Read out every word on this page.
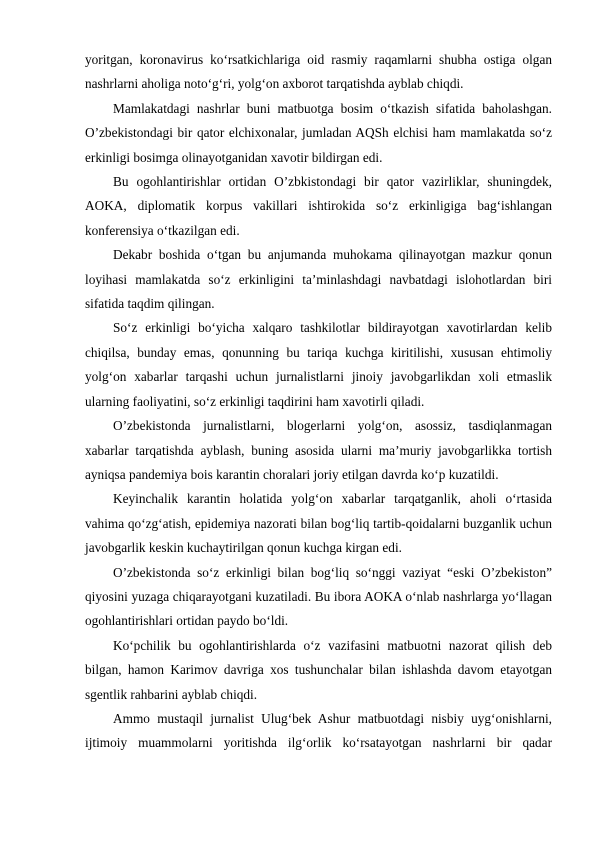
yoritgan, koronavirus ko‘rsatkichlariga oid rasmiy raqamlarni shubha ostiga olgan nashrlarni aholiga noto‘g‘ri, yolg‘on axborot tarqatishda ayblab chiqdi.

Mamlakatdagi nashrlar buni matbuotga bosim o‘tkazish sifatida baholashgan. O’zbekistondagi bir qator elchixonalar, jumladan AQSh elchisi ham mamlakatda so‘z erkinligi bosimga olinayotganidan xavotir bildirgan edi.

Bu ogohlantirishlar ortidan O’zbkistondagi bir qator vazirliklar, shuningdek, AOKA, diplomatik korpus vakillari ishtirokida so‘z erkinligiga bag‘ishlangan konferensiya o‘tkazilgan edi.

Dekabr boshida o‘tgan bu anjumanda muhokama qilinayotgan mazkur qonun loyihasi mamlakatda so‘z erkinligini ta’minlashdagi navbatdagi islohotlardan biri sifatida taqdim qilingan.

So‘z erkinligi bo‘yicha xalqaro tashkilotlar bildirayotgan xavotirlardan kelib chiqilsa, bunday emas, qonunning bu tariqa kuchga kiritilishi, xususan ehtimoliy yolg‘on xabarlar tarqashi uchun jurnalistlarni jinoiy javobgarlikdan xoli etmaslik ularning faoliyatini, so‘z erkinligi taqdirini ham xavotirli qiladi.

O’zbekistonda jurnalistlarni, blogerlarni yolg‘on, asossiz, tasdiqlanmagan xabarlar tarqatishda ayblash, buning asosida ularni ma’muriy javobgarlikka tortish ayniqsa pandemiya bois karantin choralari joriy etilgan davrda ko‘p kuzatildi.

Keyinchalik karantin holatida yolg‘on xabarlar tarqatganlik, aholi o‘rtasida vahima qo‘zg‘atish, epidemiya nazorati bilan bog‘liq tartib-qoidalarni buzganlik uchun javobgarlik keskin kuchaytirilgan qonun kuchga kirgan edi.

O’zbekistonda so‘z erkinligi bilan bog‘liq so‘nggi vaziyat “eski O’zbekiston” qiyosini yuzaga chiqarayotgani kuzatiladi. Bu ibora AOKA o‘nlab nashrlarga yo‘llagan ogohlantirishlari ortidan paydo bo‘ldi.

Ko‘pchilik bu ogohlantirishlarda o‘z vazifasini matbuotni nazorat qilish deb bilgan, hamon Karimov davriga xos tushunchalar bilan ishlashda davom etayotgan sgentlik rahbarini ayblab chiqdi.

Ammo mustaqil jurnalist Ulug‘bek Ashur matbuotdagi nisbiy uyg‘onishlarni, ijtimoiy muammolarni yoritishda ilg‘orlik ko‘rsatayotgan nashrlarni bir qadar
